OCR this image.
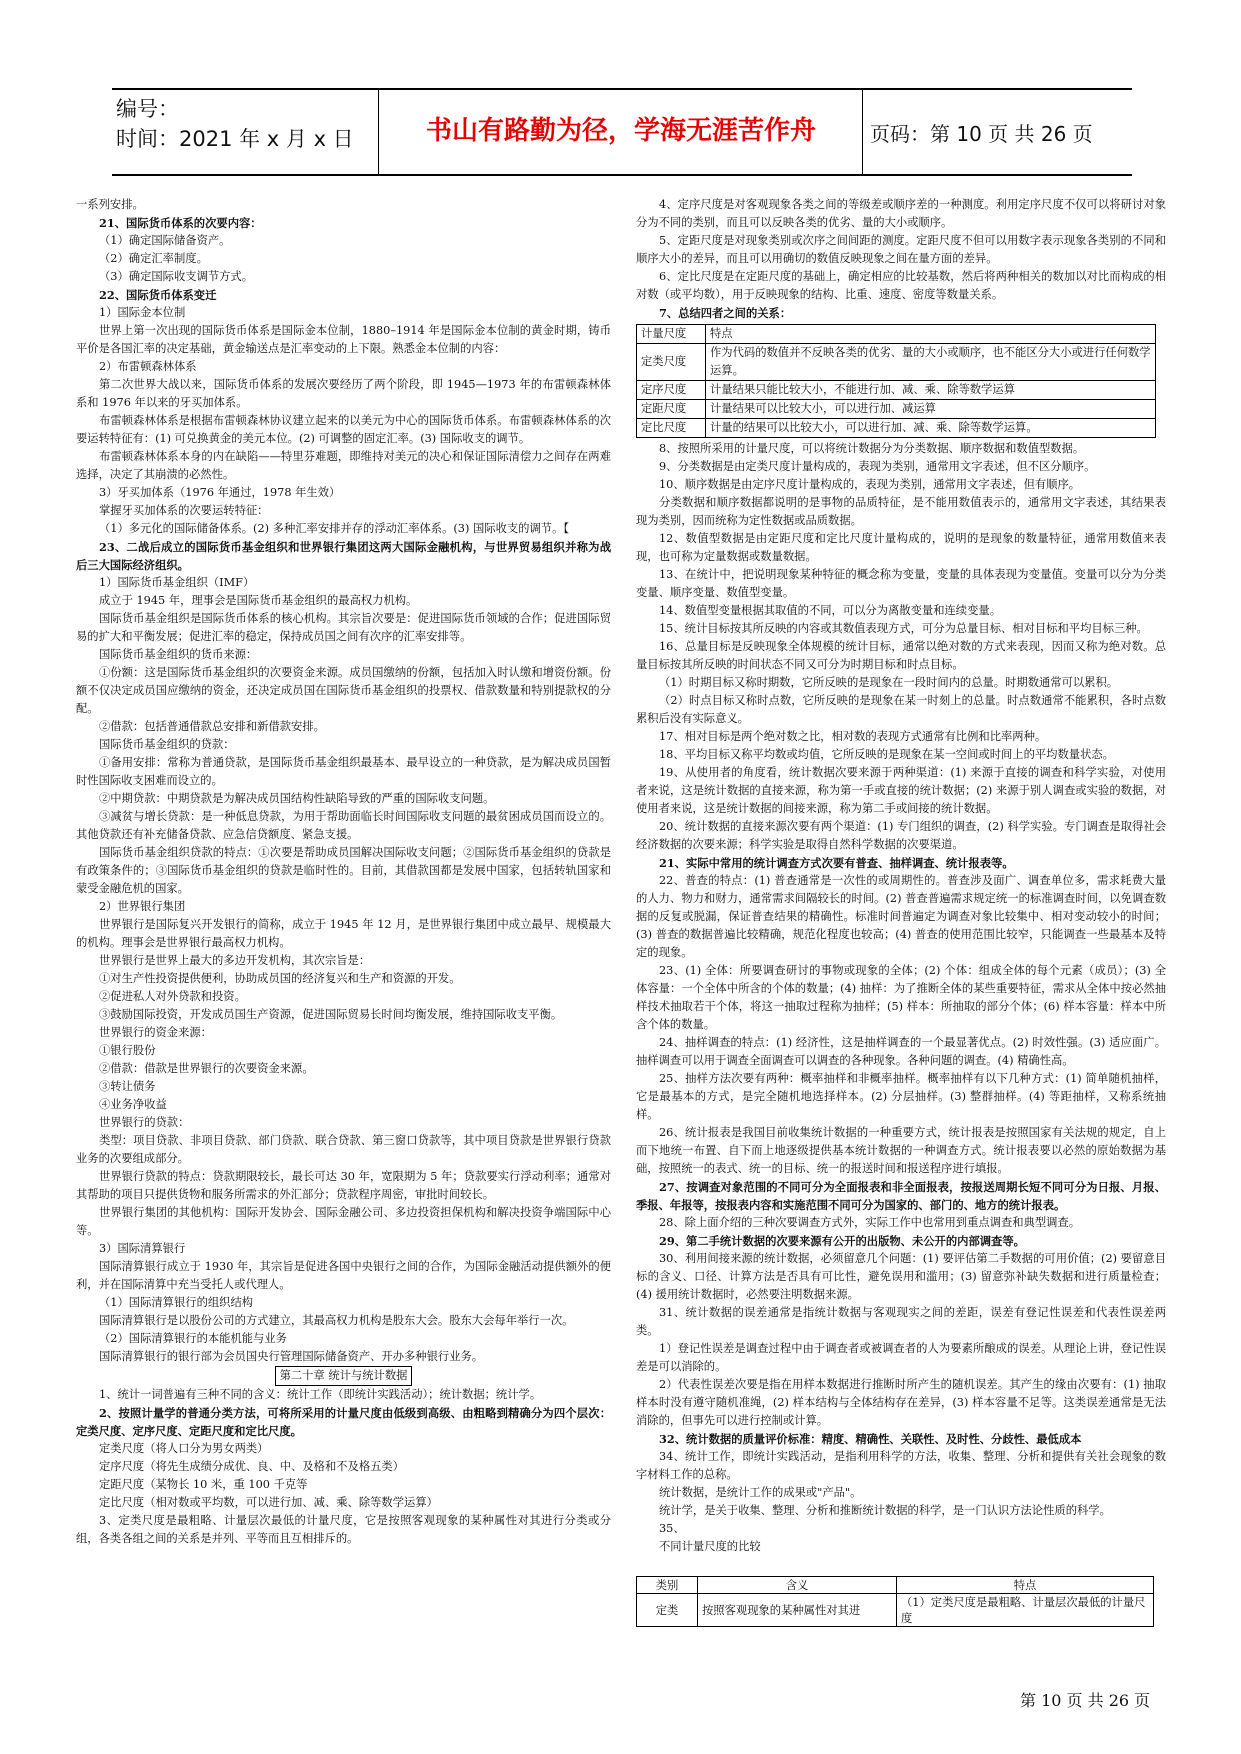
编号：
时间：2021 年 x 月 x 日	书山有路勤为径，学海无涯苦作舟	页码：第 10 页 共 26 页

一系列安排。

21、国际货币体系的次要内容：

（1）确定国际储备资产。

（2）确定汇率制度。

（3）确定国际收支调节方式。

22、国际货币体系变迁

1）国际金本位制

世界上第一次出现的国际货币体系是国际金本位制，1880–1914 年是国际金本位制的黄金时期，铸币平价是各国汇率的决定基础，黄金输送点是汇率变动的上下限。熟悉金本位制的内容：

2）布雷顿森林体系

第二次世界大战以来，国际货币体系的发展次要经历了两个阶段，即 1945—1973 年的布雷顿森林体系和 1976 年以来的牙买加体系。

布雷顿森林体系是根据布雷顿森林协议建立起来的以美元为中心的国际货币体系。布雷顿森林体系的次要运转特征有：(1) 可兑换黄金的美元本位。(2) 可调整的固定汇率。(3) 国际收支的调节。

布雷顿森林体系本身的内在缺陷——特里芬难题，即维持对美元的决心和保证国际清偿力之间存在两难选择，决定了其崩溃的必然性。

3）牙买加体系（1976 年通过，1978 年生效）

掌握牙买加体系的次要运转特征：

（1）多元化的国际储备体系。(2) 多种汇率安排并存的浮动汇率体系。(3) 国际收支的调节。【

23、二战后成立的国际货币基金组织和世界银行集团这两大国际金融机构，与世界贸易组织并称为战后三大国际经济组织。

1）国际货币基金组织（IMF）

成立于 1945 年，理事会是国际货币基金组织的最高权力机构。

国际货币基金组织是国际货币体系的核心机构。其宗旨次要是：促进国际货币领域的合作；促进国际贸易的扩大和平衡发展；促进汇率的稳定，保持成员国之间有次序的汇率安排等。

国际货币基金组织的货币来源：

①份额：这是国际货币基金组织的次要资金来源。成员国缴纳的份额，包括加入时认缴和增资份额。份额不仅决定成员国应缴纳的资金，还决定成员国在国际货币基金组织的投票权、借款数量和特别提款权的分配。

②借款：包括普通借款总安排和新借款安排。

国际货币基金组织的贷款：

①备用安排：常称为普通贷款，是国际货币基金组织最基本、最早设立的一种贷款，是为解决成员国暂时性国际收支困难而设立的。

②中期贷款：中期贷款是为解决成员国结构性缺陷导致的严重的国际收支问题。

③减贫与增长贷款：是一种低息贷款，为用于帮助面临长时间国际收支问题的最贫困成员国而设立的。其他贷款还有补充储备贷款、应急信贷额度、紧急支援。

国际货币基金组织贷款的特点：①次要是帮助成员国解决国际收支问题；②国际货币基金组织的贷款是有政策条件的；③国际货币基金组织的贷款是临时性的。目前，其借款国都是发展中国家，包括转轨国家和蒙受金融危机的国家。

2）世界银行集团

世界银行是国际复兴开发银行的简称，成立于 1945 年 12 月，是世界银行集团中成立最早、规模最大的机构。理事会是世界银行最高权力机构。

世界银行是世界上最大的多边开发机构，其次宗旨是：

①对生产性投资提供便利，协助成员国的经济复兴和生产和资源的开发。

②促进私人对外贷款和投资。

③鼓励国际投资，开发成员国生产资源，促进国际贸易长时间均衡发展，维持国际收支平衡。

世界银行的资金来源：

①银行股份

②借款：借款是世界银行的次要资金来源。

③转让债务

④业务净收益

世界银行的贷款：

类型：项目贷款、非项目贷款、部门贷款、联合贷款、第三窗口贷款等，其中项目贷款是世界银行贷款业务的次要组成部分。

世界银行贷款的特点：贷款期限较长，最长可达 30 年，宽限期为 5 年；贷款要实行浮动利率；通常对其帮助的项目只提供货物和服务所需求的外汇部分；贷款程序周密，审批时间较长。

世界银行集团的其他机构：国际开发协会、国际金融公司、多边投资担保机构和解决投资争端国际中心等。

3）国际清算银行

国际清算银行成立于 1930 年，其宗旨是促进各国中央银行之间的合作，为国际金融活动提供额外的便利，并在国际清算中充当受托人或代理人。

（1）国际清算银行的组织结构

国际清算银行是以股份公司的方式建立，其最高权力机构是股东大会。股东大会每年举行一次。

（2）国际清算银行的本能机能与业务

国际清算银行的银行部为会员国央行管理国际储备资产、开办多种银行业务。

第二十章 统计与统计数据

1、统计一词普遍有三种不同的含义：统计工作（即统计实践活动）；统计数据；统计学。

2、按照计量学的普通分类方法，可将所采用的计量尺度由低级到高级、由粗略到精确分为四个层次：定类尺度、定序尺度、定距尺度和定比尺度。

定类尺度（将人口分为男女两类）

定序尺度（将先生成绩分成优、良、中、及格和不及格五类）

定距尺度（某物长 10 米，重 100 千克等

定比尺度（相对数或平均数，可以进行加、减、乘、除等数学运算）

3、定类尺度是最粗略、计量层次最低的计量尺度，它是按照客观现象的某种属性对其进行分类或分组，各类各组之间的关系是并列、平等而且互相排斥的。

4、定序尺度是对客观现象各类之间的等级差或顺序差的一种测度。利用定序尺度不仅可以将研讨对象分为不同的类别，而且可以反映各类的优劣、量的大小或顺序。

5、定距尺度是对现象类别或次序之间间距的测度。定距尺度不但可以用数字表示现象各类别的不同和顺序大小的差异，而且可以用确切的数值反映现象之间在量方面的差异。

6、定比尺度是在定距尺度的基础上，确定相应的比较基数，然后将两种相关的数加以对比而构成的相对数（或平均数），用于反映现象的结构、比重、速度、密度等数量关系。

7、总结四者之间的关系：

计量尺度	特点
定类尺度	作为代码的数值并不反映各类的优劣、量的大小或顺序，也不能区分大小或进行任何数学运算。
定序尺度	计量结果只能比较大小，不能进行加、减、乘、除等数学运算
定距尺度	计量结果可以比较大小，可以进行加、减运算
定比尺度	计量的结果可以比较大小，可以进行加、减、乘、除等数学运算。

8、按照所采用的计量尺度，可以将统计数据分为分类数据、顺序数据和数值型数据。

9、分类数据是由定类尺度计量构成的，表现为类别，通常用文字表述，但不区分顺序。

10、顺序数据是由定序尺度计量构成的，表现为类别，通常用文字表述，但有顺序。

分类数据和顺序数据都说明的是事物的品质特征，是不能用数值表示的，通常用文字表述，其结果表现为类别，因而统称为定性数据或品质数据。

12、数值型数据是由定距尺度和定比尺度计量构成的，说明的是现象的数量特征，通常用数值来表现，也可称为定量数据或数量数据。

13、在统计中，把说明现象某种特征的概念称为变量，变量的具体表现为变量值。变量可以分为分类变量、顺序变量、数值型变量。

14、数值型变量根据其取值的不同，可以分为离散变量和连续变量。

15、统计目标按其所反映的内容或其数值表现方式，可分为总量目标、相对目标和平均目标三种。

16、总量目标是反映现象全体规模的统计目标，通常以绝对数的方式来表现，因而又称为绝对数。总量目标按其所反映的时间状态不同又可分为时期目标和时点目标。

（1）时期目标又称时期数，它所反映的是现象在一段时间内的总量。时期数通常可以累积。

（2）时点目标又称时点数，它所反映的是现象在某一时刻上的总量。时点数通常不能累积，各时点数累积后没有实际意义。

17、相对目标是两个绝对数之比，相对数的表现方式通常有比例和比率两种。

18、平均目标又称平均数或均值，它所反映的是现象在某一空间或时间上的平均数量状态。

19、从使用者的角度看，统计数据次要来源于两种渠道：(1) 来源于直接的调查和科学实验，对使用者来说，这是统计数据的直接来源，称为第一手或直接的统计数据；(2) 来源于别人调查或实验的数据，对使用者来说，这是统计数据的间接来源，称为第二手或间接的统计数据。

20、统计数据的直接来源次要有两个渠道：(1) 专门组织的调查，(2) 科学实验。专门调查是取得社会经济数据的次要来源；科学实验是取得自然科学数据的次要渠道。

21、实际中常用的统计调查方式次要有普查、抽样调查、统计报表等。

22、普查的特点：(1) 普查通常是一次性的或周期性的。普查涉及面广、调查单位多，需求耗费大量的人力、物力和财力，通常需求间隔较长的时间。(2) 普查普遍需求规定统一的标准调查时间，以免调查数据的反复或脱漏，保证普查结果的精确性。标准时间普遍定为调查对象比较集中、相对变动较小的时间；(3) 普查的数据普遍比较精确，规范化程度也较高；(4) 普查的使用范围比较窄，只能调查一些最基本及特定的现象。

23、(1) 全体：所要调查研讨的事物或现象的全体；(2) 个体：组成全体的每个元素（成员）；(3) 全体容量：一个全体中所含的个体的数量；(4) 抽样：为了推断全体的某些重要特征，需求从全体中按必然抽样技术抽取若干个体，将这一抽取过程称为抽样；(5) 样本：所抽取的部分个体；(6) 样本容量：样本中所含个体的数量。

24、抽样调查的特点：(1) 经济性，这是抽样调查的一个最显著优点。(2) 时效性强。(3) 适应面广。抽样调查可以用于调查全面调查可以调查的各种现象。各种问题的调查。(4) 精确性高。

25、抽样方法次要有两种：概率抽样和非概率抽样。概率抽样有以下几种方式：(1) 简单随机抽样，它是最基本的方式，是完全随机地选择样本。(2) 分层抽样。(3) 整群抽样。(4) 等距抽样，又称系统抽样。

26、统计报表是我国目前收集统计数据的一种重要方式，统计报表是按照国家有关法规的规定，自上而下地统一布置、自下而上地逐级提供基本统计数据的一种调查方式。统计报表要以必然的原始数据为基础，按照统一的表式、统一的目标、统一的报送时间和报送程序进行填报。

27、按调查对象范围的不同可分为全面报表和非全面报表，按报送周期长短不同可分为日报、月报、季报、年报等，按报表内容和实施范围不同可分为国家的、部门的、地方的统计报表。

28、除上面介绍的三种次要调查方式外，实际工作中也常用到重点调查和典型调查。

29、第二手统计数据的次要来源有公开的出版物、未公开的内部调查等。

30、利用间接来源的统计数据，必须留意几个问题：(1) 要评估第二手数据的可用价值；(2) 要留意目标的含义、口径、计算方法是否具有可比性，避免误用和滥用；(3) 留意弥补缺失数据和进行质量检查；(4) 援用统计数据时，必然要注明数据来源。

31、统计数据的误差通常是指统计数据与客观现实之间的差距，误差有登记性误差和代表性误差两类。

1）登记性误差是调查过程中由于调查者或被调查者的人为要素所酿成的误差。从理论上讲，登记性误差是可以消除的。

2）代表性误差次要是指在用样本数据进行推断时所产生的随机误差。其产生的缘由次要有：(1) 抽取样本时没有遵守随机准绳，(2) 样本结构与全体结构存在差异，(3) 样本容量不足等。这类误差通常是无法消除的，但事先可以进行控制或计算。

32、统计数据的质量评价标准：精度、精确性、关联性、及时性、分歧性、最低成本

34、统计工作，即统计实践活动，是指利用科学的方法，收集、整理、分析和提供有关社会现象的数字材料工作的总称。

统计数据，是统计工作的成果或"产品"。

统计学，是关于收集、整理、分析和推断统计数据的科学，是一门认识方法论性质的科学。

35、

不同计量尺度的比较

类别	含义	特点
定类	按照客观现象的某种属性对其进	（1）定类尺度是最粗略、计量层次最低的计量尺度
第 10 页 共 26 页
